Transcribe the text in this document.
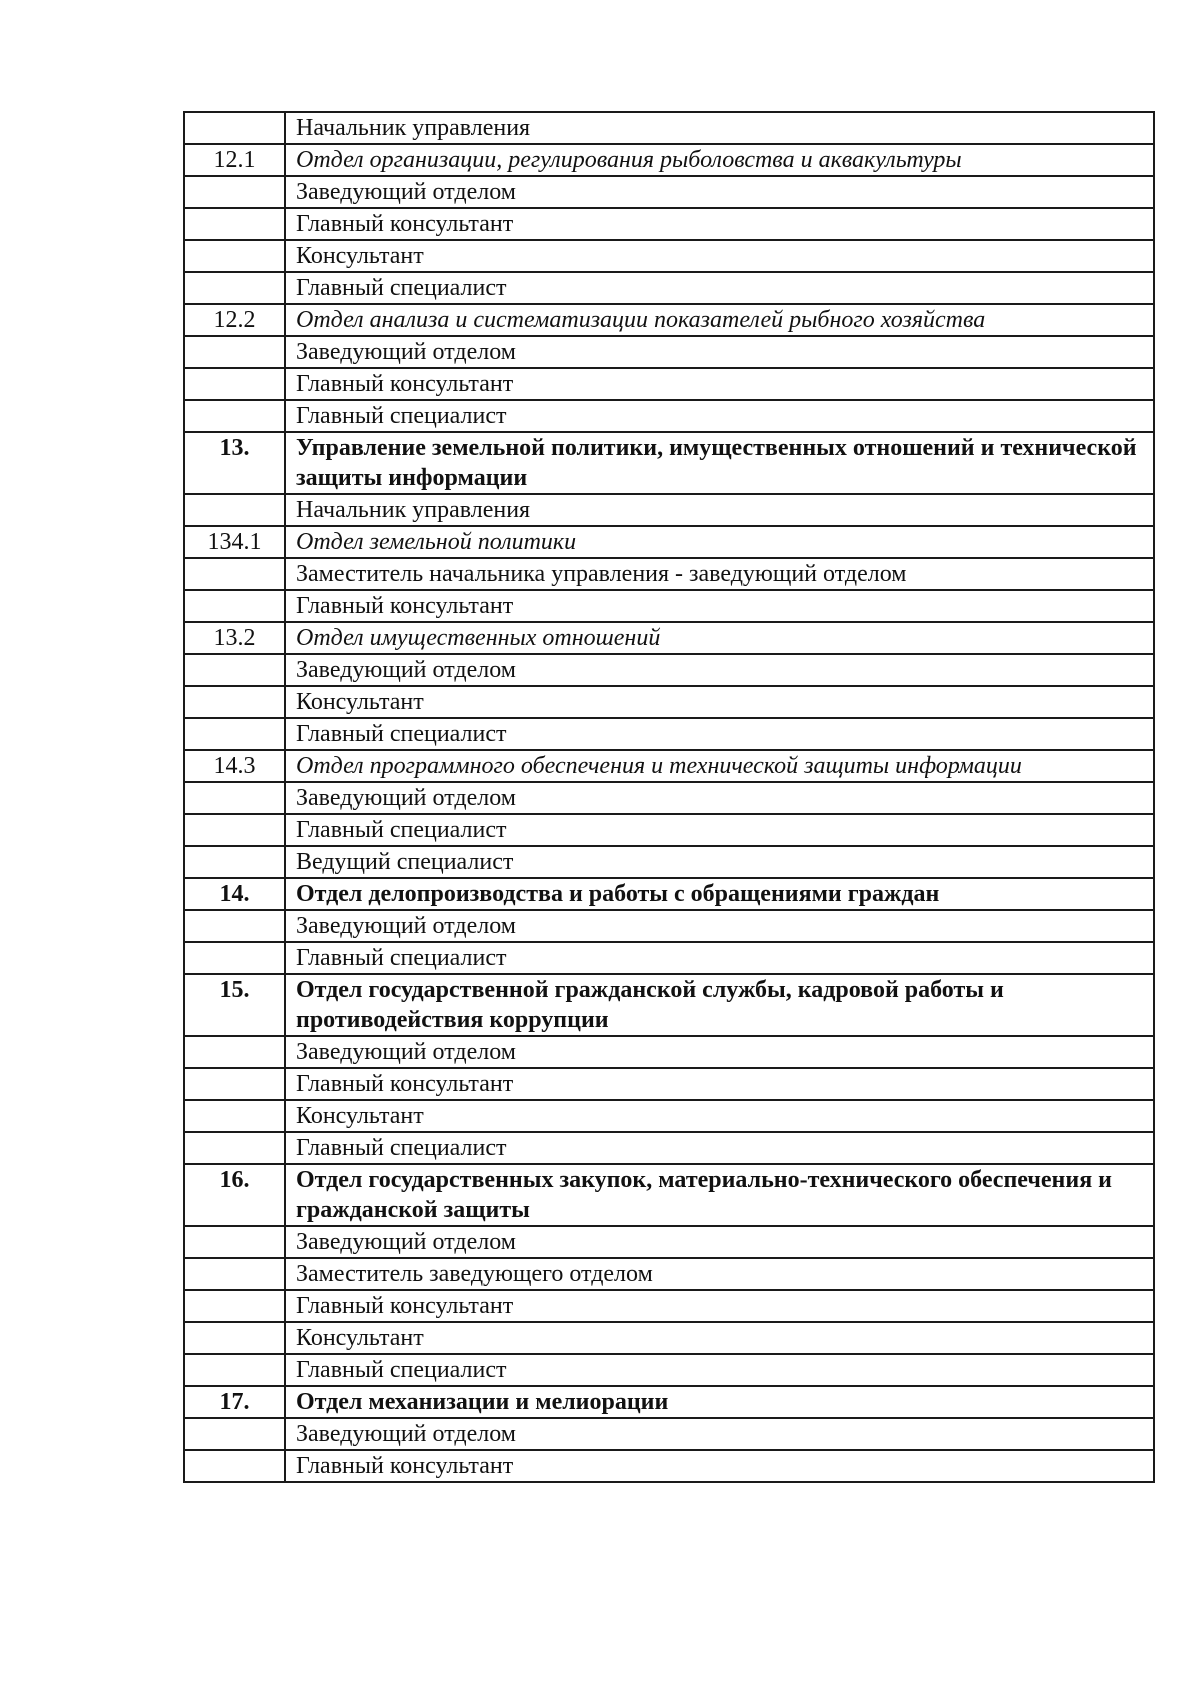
	Начальник управления
12.1	Отдел организации, регулирования рыболовства и аквакультуры
	Заведующий отделом
	Главный консультант
	Консультант
	Главный специалист
12.2	Отдел анализа и систематизации показателей рыбного хозяйства
	Заведующий отделом
	Главный консультант
	Главный специалист
13.	Управление земельной политики, имущественных отношений и технической защиты информации
	Начальник управления
134.1	Отдел земельной политики
	Заместитель начальника управления - заведующий отделом
	Главный консультант
13.2	Отдел имущественных отношений
	Заведующий отделом
	Консультант
	Главный специалист
14.3	Отдел программного обеспечения и технической защиты информации
	Заведующий отделом
	Главный специалист
	Ведущий специалист
14.	Отдел делопроизводства и работы с обращениями граждан
	Заведующий отделом
	Главный специалист
15.	Отдел государственной гражданской службы, кадровой работы и противодействия коррупции
	Заведующий отделом
	Главный консультант
	Консультант
	Главный специалист
16.	Отдел государственных закупок, материально-технического обеспечения и гражданской защиты
	Заведующий отделом
	Заместитель заведующего отделом
	Главный консультант
	Консультант
	Главный специалист
17.	Отдел механизации и мелиорации
	Заведующий отделом
	Главный консультант
